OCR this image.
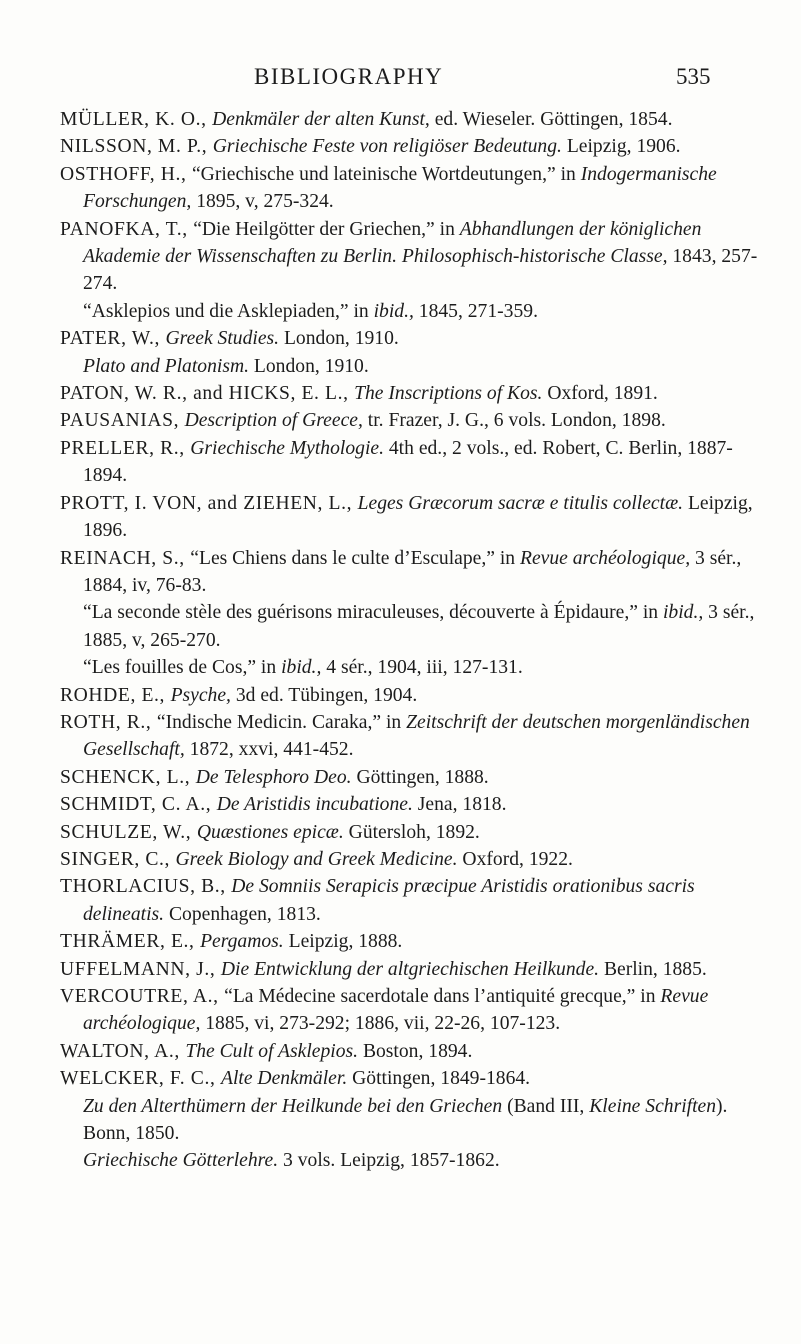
BIBLIOGRAPHY	535

MÜLLER, K. O., Denkmäler der alten Kunst, ed. Wieseler. Göttingen, 1854.

NILSSON, M. P., Griechische Feste von religiöser Bedeutung. Leipzig, 1906.

OSTHOFF, H., “Griechische und lateinische Wortdeutungen,” in Indogermanische Forschungen, 1895, v, 275-324.

PANOFKA, T., “Die Heilgötter der Griechen,” in Abhandlungen der königlichen Akademie der Wissenschaften zu Berlin. Philosophisch-historische Classe, 1843, 257-274.

“Asklepios und die Asklepiaden,” in ibid., 1845, 271-359.

PATER, W., Greek Studies. London, 1910.

Plato and Platonism. London, 1910.

PATON, W. R., and HICKS, E. L., The Inscriptions of Kos. Oxford, 1891.

PAUSANIAS, Description of Greece, tr. Frazer, J. G., 6 vols. London, 1898.

PRELLER, R., Griechische Mythologie. 4th ed., 2 vols., ed. Robert, C. Berlin, 1887-1894.

PROTT, I. VON, and ZIEHEN, L., Leges Græcorum sacræ e titulis collectæ. Leipzig, 1896.

REINACH, S., “Les Chiens dans le culte d’Esculape,” in Revue archéologique, 3 sér., 1884, iv, 76-83.

“La seconde stèle des guérisons miraculeuses, découverte à Épidaure,” in ibid., 3 sér., 1885, v, 265-270.

“Les fouilles de Cos,” in ibid., 4 sér., 1904, iii, 127-131.

ROHDE, E., Psyche, 3d ed. Tübingen, 1904.

ROTH, R., “Indische Medicin. Caraka,” in Zeitschrift der deutschen morgenländischen Gesellschaft, 1872, xxvi, 441-452.

SCHENCK, L., De Telesphoro Deo. Göttingen, 1888.

SCHMIDT, C. A., De Aristidis incubatione. Jena, 1818.

SCHULZE, W., Quæstiones epicæ. Gütersloh, 1892.

SINGER, C., Greek Biology and Greek Medicine. Oxford, 1922.

THORLACIUS, B., De Somniis Serapicis præcipue Aristidis orationibus sacris delineatis. Copenhagen, 1813.

THRÄMER, E., Pergamos. Leipzig, 1888.

UFFELMANN, J., Die Entwicklung der altgriechischen Heilkunde. Berlin, 1885.

VERCOUTRE, A., “La Médecine sacerdotale dans l’antiquité grecque,” in Revue archéologique, 1885, vi, 273-292; 1886, vii, 22-26, 107-123.

WALTON, A., The Cult of Asklepios. Boston, 1894.

WELCKER, F. C., Alte Denkmäler. Göttingen, 1849-1864.

Zu den Alterthümern der Heilkunde bei den Griechen (Band III, Kleine Schriften). Bonn, 1850.

Griechische Götterlehre. 3 vols. Leipzig, 1857-1862.
